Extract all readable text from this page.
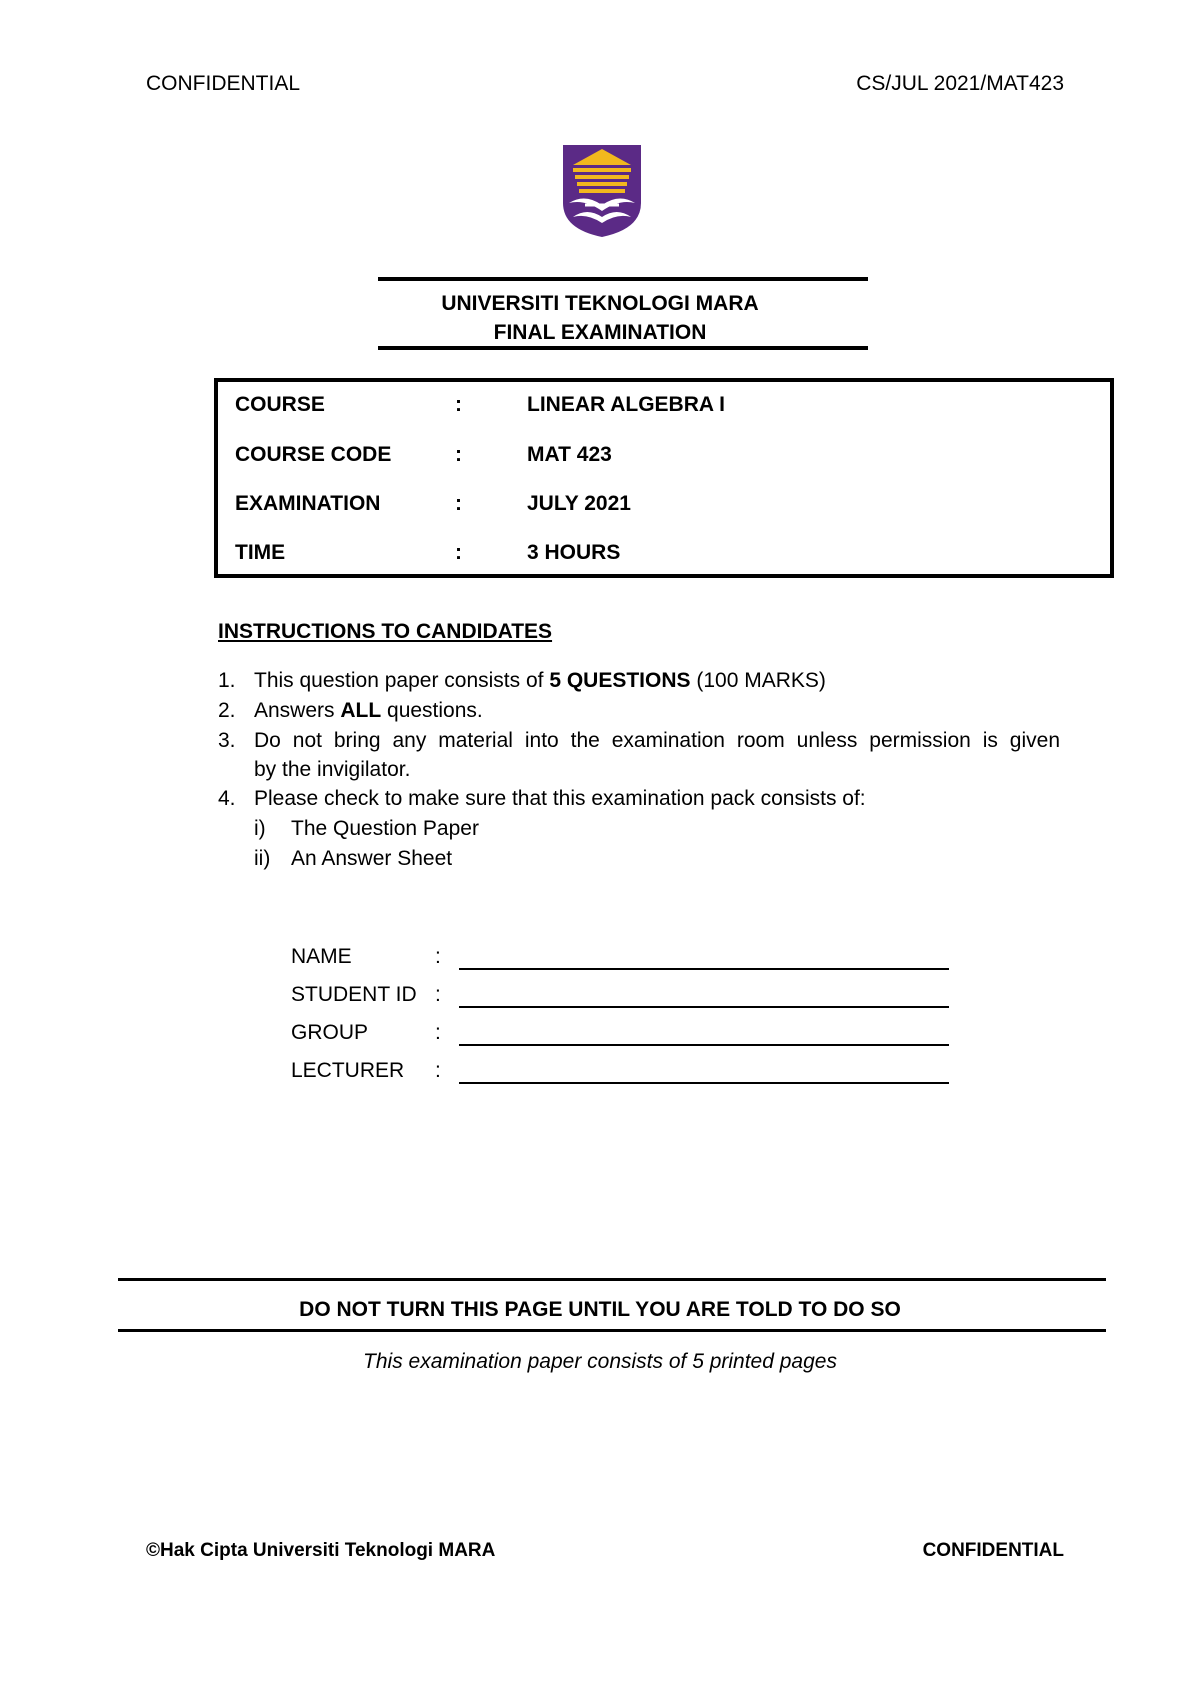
CONFIDENTIAL	CS/JUL 2021/MAT423
UNIVERSITI TEKNOLOGI MARA
FINAL EXAMINATION
COURSE	:	LINEAR ALGEBRA I
COURSE CODE	:	MAT 423
EXAMINATION	:	JULY 2021
TIME	:	3 HOURS
INSTRUCTIONS TO CANDIDATES
1. This question paper consists of 5 QUESTIONS (100 MARKS)
2. Answers ALL questions.
3. Do not bring any material into the examination room unless permission is given
by the invigilator.
4. Please check to make sure that this examination pack consists of:
i) The Question Paper
ii) An Answer Sheet
NAME	:
STUDENT ID :
GROUP	:
LECTURER :
DO NOT TURN THIS PAGE UNTIL YOU ARE TOLD TO DO SO
This examination paper consists of 5 printed pages
©Hak Cipta Universiti Teknologi MARA	CONFIDENTIAL
